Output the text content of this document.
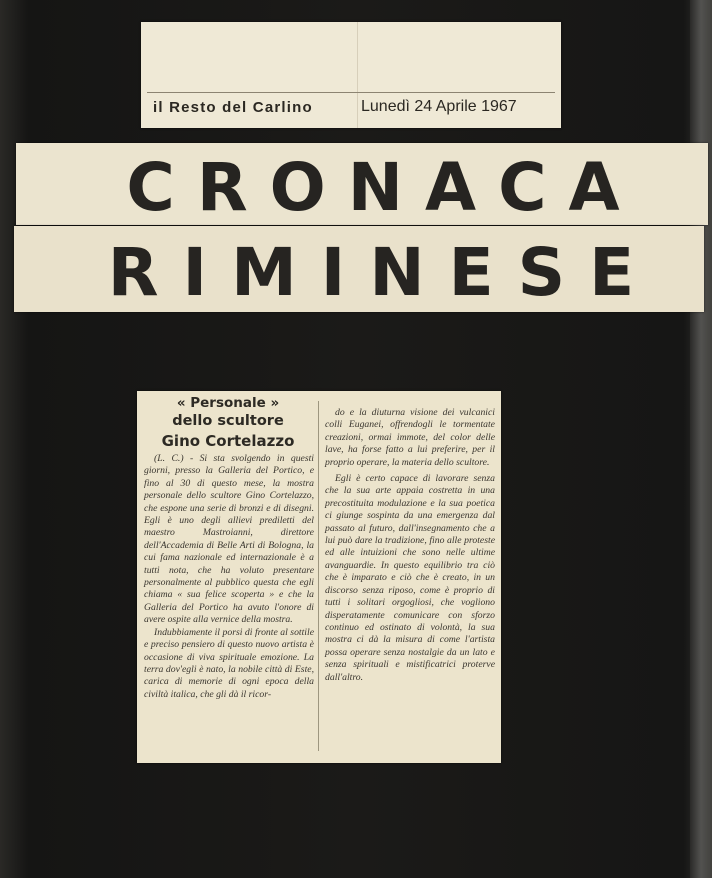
il Resto del Carlino	Lunedì 24 Aprile 1967
CRONACA
RIMINESE
« Personale »
dello scultore
Gino Cortelazzo

(L. C.) - Si sta svolgendo in questi giorni, presso la Galleria del Portico, e fino al 30 di questo mese, la mostra personale dello scultore Gino Cortelazzo, che espone una serie di bronzi e di disegni. Egli è uno degli allievi prediletti del maestro Mastroianni, direttore dell'Accademia di Belle Arti di Bologna, la cui fama nazionale ed internazionale è a tutti nota, che ha voluto presentare personalmente al pubblico questa che egli chiama « sua felice scoperta » e che la Galleria del Portico ha avuto l'onore di avere ospite alla vernice della mostra.

Indubbiamente il porsi di fronte al sottile e preciso pensiero di questo nuovo artista è occasione di viva spirituale emozione. La terra dov'egli è nato, la nobile città di Este, carica di memorie di ogni epoca della civiltà italica, che gli dà il ricor-

do e la diuturna visione dei vulcanici colli Euganei, offrendogli le tormentate creazioni, ormai immote, del color delle lave, ha forse fatto a lui preferire, per il proprio operare, la materia dello scultore.

Egli è certo capace di lavorare senza che la sua arte appaia costretta in una precostituita modulazione e la sua poetica ci giunge sospinta da una emergenza dal passato al futuro, dall'insegnamento che a lui può dare la tradizione, fino alle proteste ed alle intuizioni che sono nelle ultime avanguardie. In questo equilibrio tra ciò che è imparato e ciò che è creato, in un discorso senza riposo, come è proprio di tutti i solitari orgogliosi, che vogliono disperatamente comunicare con sforzo continuo ed ostinato di volontà, la sua mostra ci dà la misura di come l'artista possa operare senza nostalgie da un lato e senza spirituali e mistificatrici proterve dall'altro.
